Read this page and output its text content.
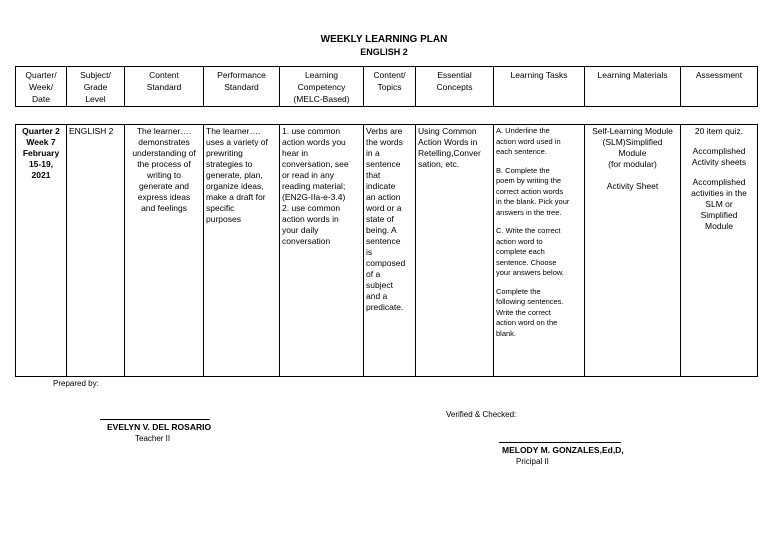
WEEKLY LEARNING PLAN
ENGLISH 2
Quarter/
Week/
Date	Subject/
Grade
Level	Content
Standard	Performance
Standard	Learning
Competency
(MELC-Based)	Content/
Topics	Essential
Concepts	Learning Tasks	Learning Materials	Assessment
Quarter 2
Week 7
February
15-19,
2021	ENGLISH 2	The learner….
demonstrates
understanding of
the process of
writing to
generate and
express ideas
and feelings	The learner….
uses a variety of
prewriting
strategies to
generate, plan,
organize ideas,
make a draft for
specific
purposes	1. use common
action words you
hear in
conversation, see
or read in any
reading material;
(EN2G-IIa-e-3.4)
2. use common
action words in
your daily
conversation	Verbs are
the words
in a
sentence
that
indicate
an action
word or a
state of
being. A
sentence
is
composed
of a
subject
and a
predicate.	Using Common
Action Words in
Retelling,Conver
sation, etc.	

A. Underline the
action word used in
each sentence.

B. Complete the
poem by writing the
correct action words
in the blank. Pick your
answers in the tree.

C. Write the correct
action word to
complete each
sentence. Choose
your answers below.

Complete the
following sentences.
Write the correct
action word on the
blank.

	Self-Learning Module
(SLM)Simplified
Module
(for modular)

Activity Sheet	

20 item quiz.

Accomplished
Activity sheets

Accomplished
activities in the
SLM or
Simplified
Module

Prepared by:
EVELYN V. DEL ROSARIO
Teacher II
Verified & Checked:
MELODY M. GONZALES,Ed,D,
Pricipal II
